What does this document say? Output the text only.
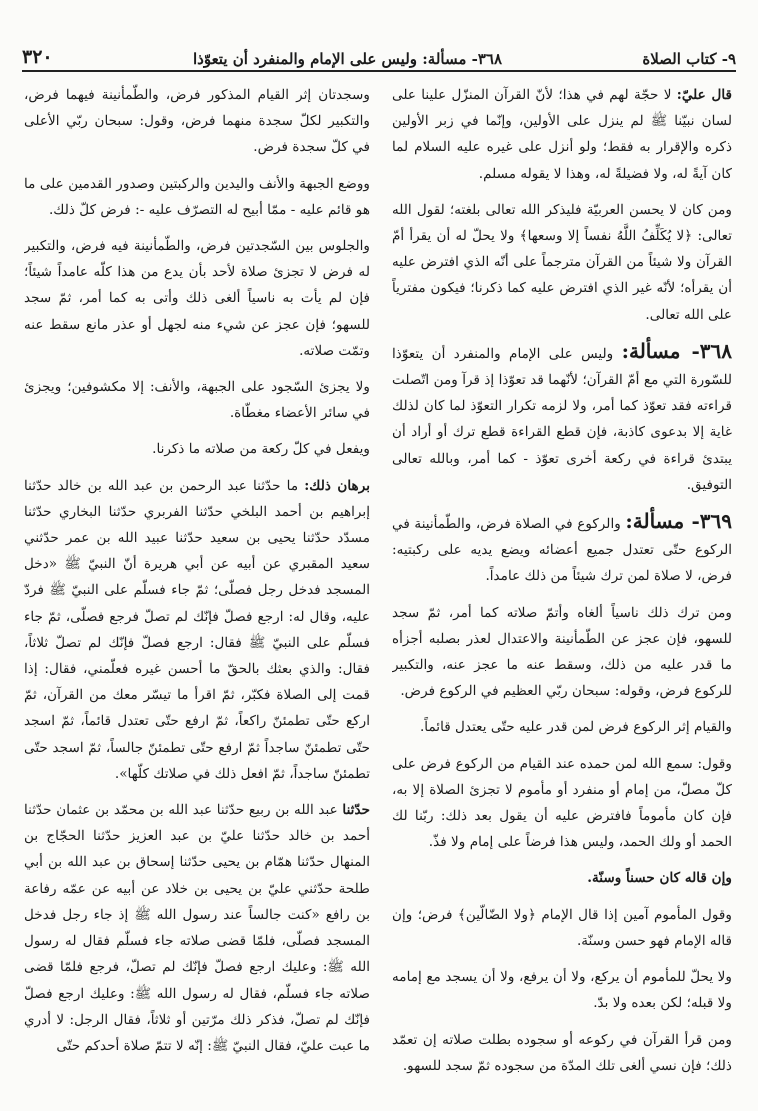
٩- كتاب الصلاة
٣٦٨- مسألة: وليس على الإمام والمنفرد أن يتعوّذا
٣٢٠

قال عليّ: لا حجّة لهم في هذا؛ لأنّ القرآن المنزّل علينا على لسان نبيّنا ﷺ لم ينزل على الأولين، وإنّما في زبر الأولين ذكره والإقرار به فقط؛ ولو أنزل على غيره عليه السلام لما كان آيةً له، ولا فضيلةً له، وهذا لا يقوله مسلم.

ومن كان لا يحسن العربيّة فليذكر الله تعالى بلغته؛ لقول الله تعالى: ﴿لا يُكَلِّفُ اللَّهُ نفساً إلا وسعها﴾ ولا يحلّ له أن يقرأ أمّ القرآن ولا شيئاً من القرآن مترجماً على أنّه الذي افترض عليه أن يقرأه؛ لأنّه غير الذي افترض عليه كما ذكرنا؛ فيكون مفترياً على الله تعالى.

٣٦٨- مسألة: وليس على الإمام والمنفرد أن يتعوّذا للسّورة التي مع أمّ القرآن؛ لأنّهما قد تعوّذا إذ قرآ ومن اتّصلت قراءته فقد تعوّذ كما أمر، ولا لزمه تكرار التعوّذ لما كان لذلك غاية إلا بدعوى كاذبة، فإن قطع القراءة قطع ترك أو أراد أن يبتدئ قراءة في ركعة أخرى تعوّذ - كما أمر، وبالله تعالى التوفيق.

٣٦٩- مسألة: والركوع في الصلاة فرض، والطّمأنينة في الركوع حتّى تعتدل جميع أعضائه ويضع يديه على ركبتيه: فرض، لا صلاة لمن ترك شيئاً من ذلك عامداً.

ومن ترك ذلك ناسياً ألغاه وأتمّ صلاته كما أمر، ثمّ سجد للسهو، فإن عجز عن الطّمأنينة والاعتدال لعذر بصلبه أجزأه ما قدر عليه من ذلك، وسقط عنه ما عجز عنه، والتكبير للركوع فرض، وقوله: سبحان ربّي العظيم في الركوع فرض.

والقيام إثر الركوع فرض لمن قدر عليه حتّى يعتدل قائماً.

وقول: سمع الله لمن حمده عند القيام من الركوع فرض على كلّ مصلّ، من إمام أو منفرد أو مأموم لا تجزئ الصلاة إلا به، فإن كان مأموماً فافترض عليه أن يقول بعد ذلك: ربّنا لك الحمد أو ولك الحمد، وليس هذا فرضاً على إمام ولا فذّ.

وإن قاله كان حسناً وسنّة.

وقول المأموم آمين إذا قال الإمام ﴿ولا الضّالّين﴾ فرض؛ وإن قاله الإمام فهو حسن وسنّة.

ولا يحلّ للمأموم أن يركع، ولا أن يرفع، ولا أن يسجد مع إمامه ولا قبله؛ لكن بعده ولا بدّ.

ومن قرأ القرآن في ركوعه أو سجوده بطلت صلاته إن تعمّد ذلك؛ فإن نسي ألغى تلك المدّة من سجوده ثمّ سجد للسهو.

وسجدتان إثر القيام المذكور فرض، والطّمأنينة فيهما فرض، والتكبير لكلّ سجدة منهما فرض، وقول: سبحان ربّي الأعلى في كلّ سجدة فرض.

ووضع الجبهة والأنف واليدين والركبتين وصدور القدمين على ما هو قائم عليه - ممّا أبيح له التصرّف عليه -: فرض كلّ ذلك.

والجلوس بين السّجدتين فرض، والطّمأنينة فيه فرض، والتكبير له فرض لا تجزئ صلاة لأحد بأن يدع من هذا كلّه عامداً شيئاً؛ فإن لم يأت به ناسياً ألغى ذلك وأتى به كما أمر، ثمّ سجد للسهو؛ فإن عجز عن شيء منه لجهل أو عذر مانع سقط عنه وتمّت صلاته.

ولا يجزئ السّجود على الجبهة، والأنف: إلا مكشوفين؛ ويجزئ في سائر الأعضاء مغطّاة.

ويفعل في كلّ ركعة من صلاته ما ذكرنا.

برهان ذلك: ما حدّثنا عبد الرحمن بن عبد الله بن خالد حدّثنا إبراهيم بن أحمد البلخي حدّثنا الفربري حدّثنا البخاري حدّثنا مسدّد حدّثنا يحيى بن سعيد حدّثنا عبيد الله بن عمر حدّثني سعيد المقبري عن أبيه عن أبي هريرة أنّ النبيّ ﷺ «دخل المسجد فدخل رجل فصلّى؛ ثمّ جاء فسلّم على النبيّ ﷺ فردّ عليه، وقال له: ارجع فصلّ فإنّك لم تصلّ فرجع فصلّى، ثمّ جاء فسلّم على النبيّ ﷺ فقال: ارجع فصلّ فإنّك لم تصلّ ثلاثاً، فقال: والذي بعثك بالحقّ ما أحسن غيره فعلّمني، فقال: إذا قمت إلى الصلاة فكبّر، ثمّ اقرأ ما تيسّر معك من القرآن، ثمّ اركع حتّى تطمئنّ راكعاً، ثمّ ارفع حتّى تعتدل قائماً، ثمّ اسجد حتّى تطمئنّ ساجداً ثمّ ارفع حتّى تطمئنّ جالساً، ثمّ اسجد حتّى تطمئنّ ساجداً، ثمّ افعل ذلك في صلاتك كلّها».

حدّثنا عبد الله بن ربيع حدّثنا عبد الله بن محمّد بن عثمان حدّثنا أحمد بن خالد حدّثنا عليّ بن عبد العزيز حدّثنا الحجّاج بن المنهال حدّثنا همّام بن يحيى حدّثنا إسحاق بن عبد الله بن أبي طلحة حدّثني عليّ بن يحيى بن خلاد عن أبيه عن عمّه رفاعة بن رافع «كنت جالساً عند رسول الله ﷺ إذ جاء رجل فدخل المسجد فصلّى، فلمّا قضى صلاته جاء فسلّم فقال له رسول الله ﷺ: وعليك ارجع فصلّ فإنّك لم تصلّ، فرجع فلمّا قضى صلاته جاء فسلّم، فقال له رسول الله ﷺ: وعليك ارجع فصلّ فإنّك لم تصلّ، فذكر ذلك مرّتين أو ثلاثاً، فقال الرجل: لا أدري ما عبت عليّ، فقال النبيّ ﷺ: إنّه لا تتمّ صلاة أحدكم حتّى
